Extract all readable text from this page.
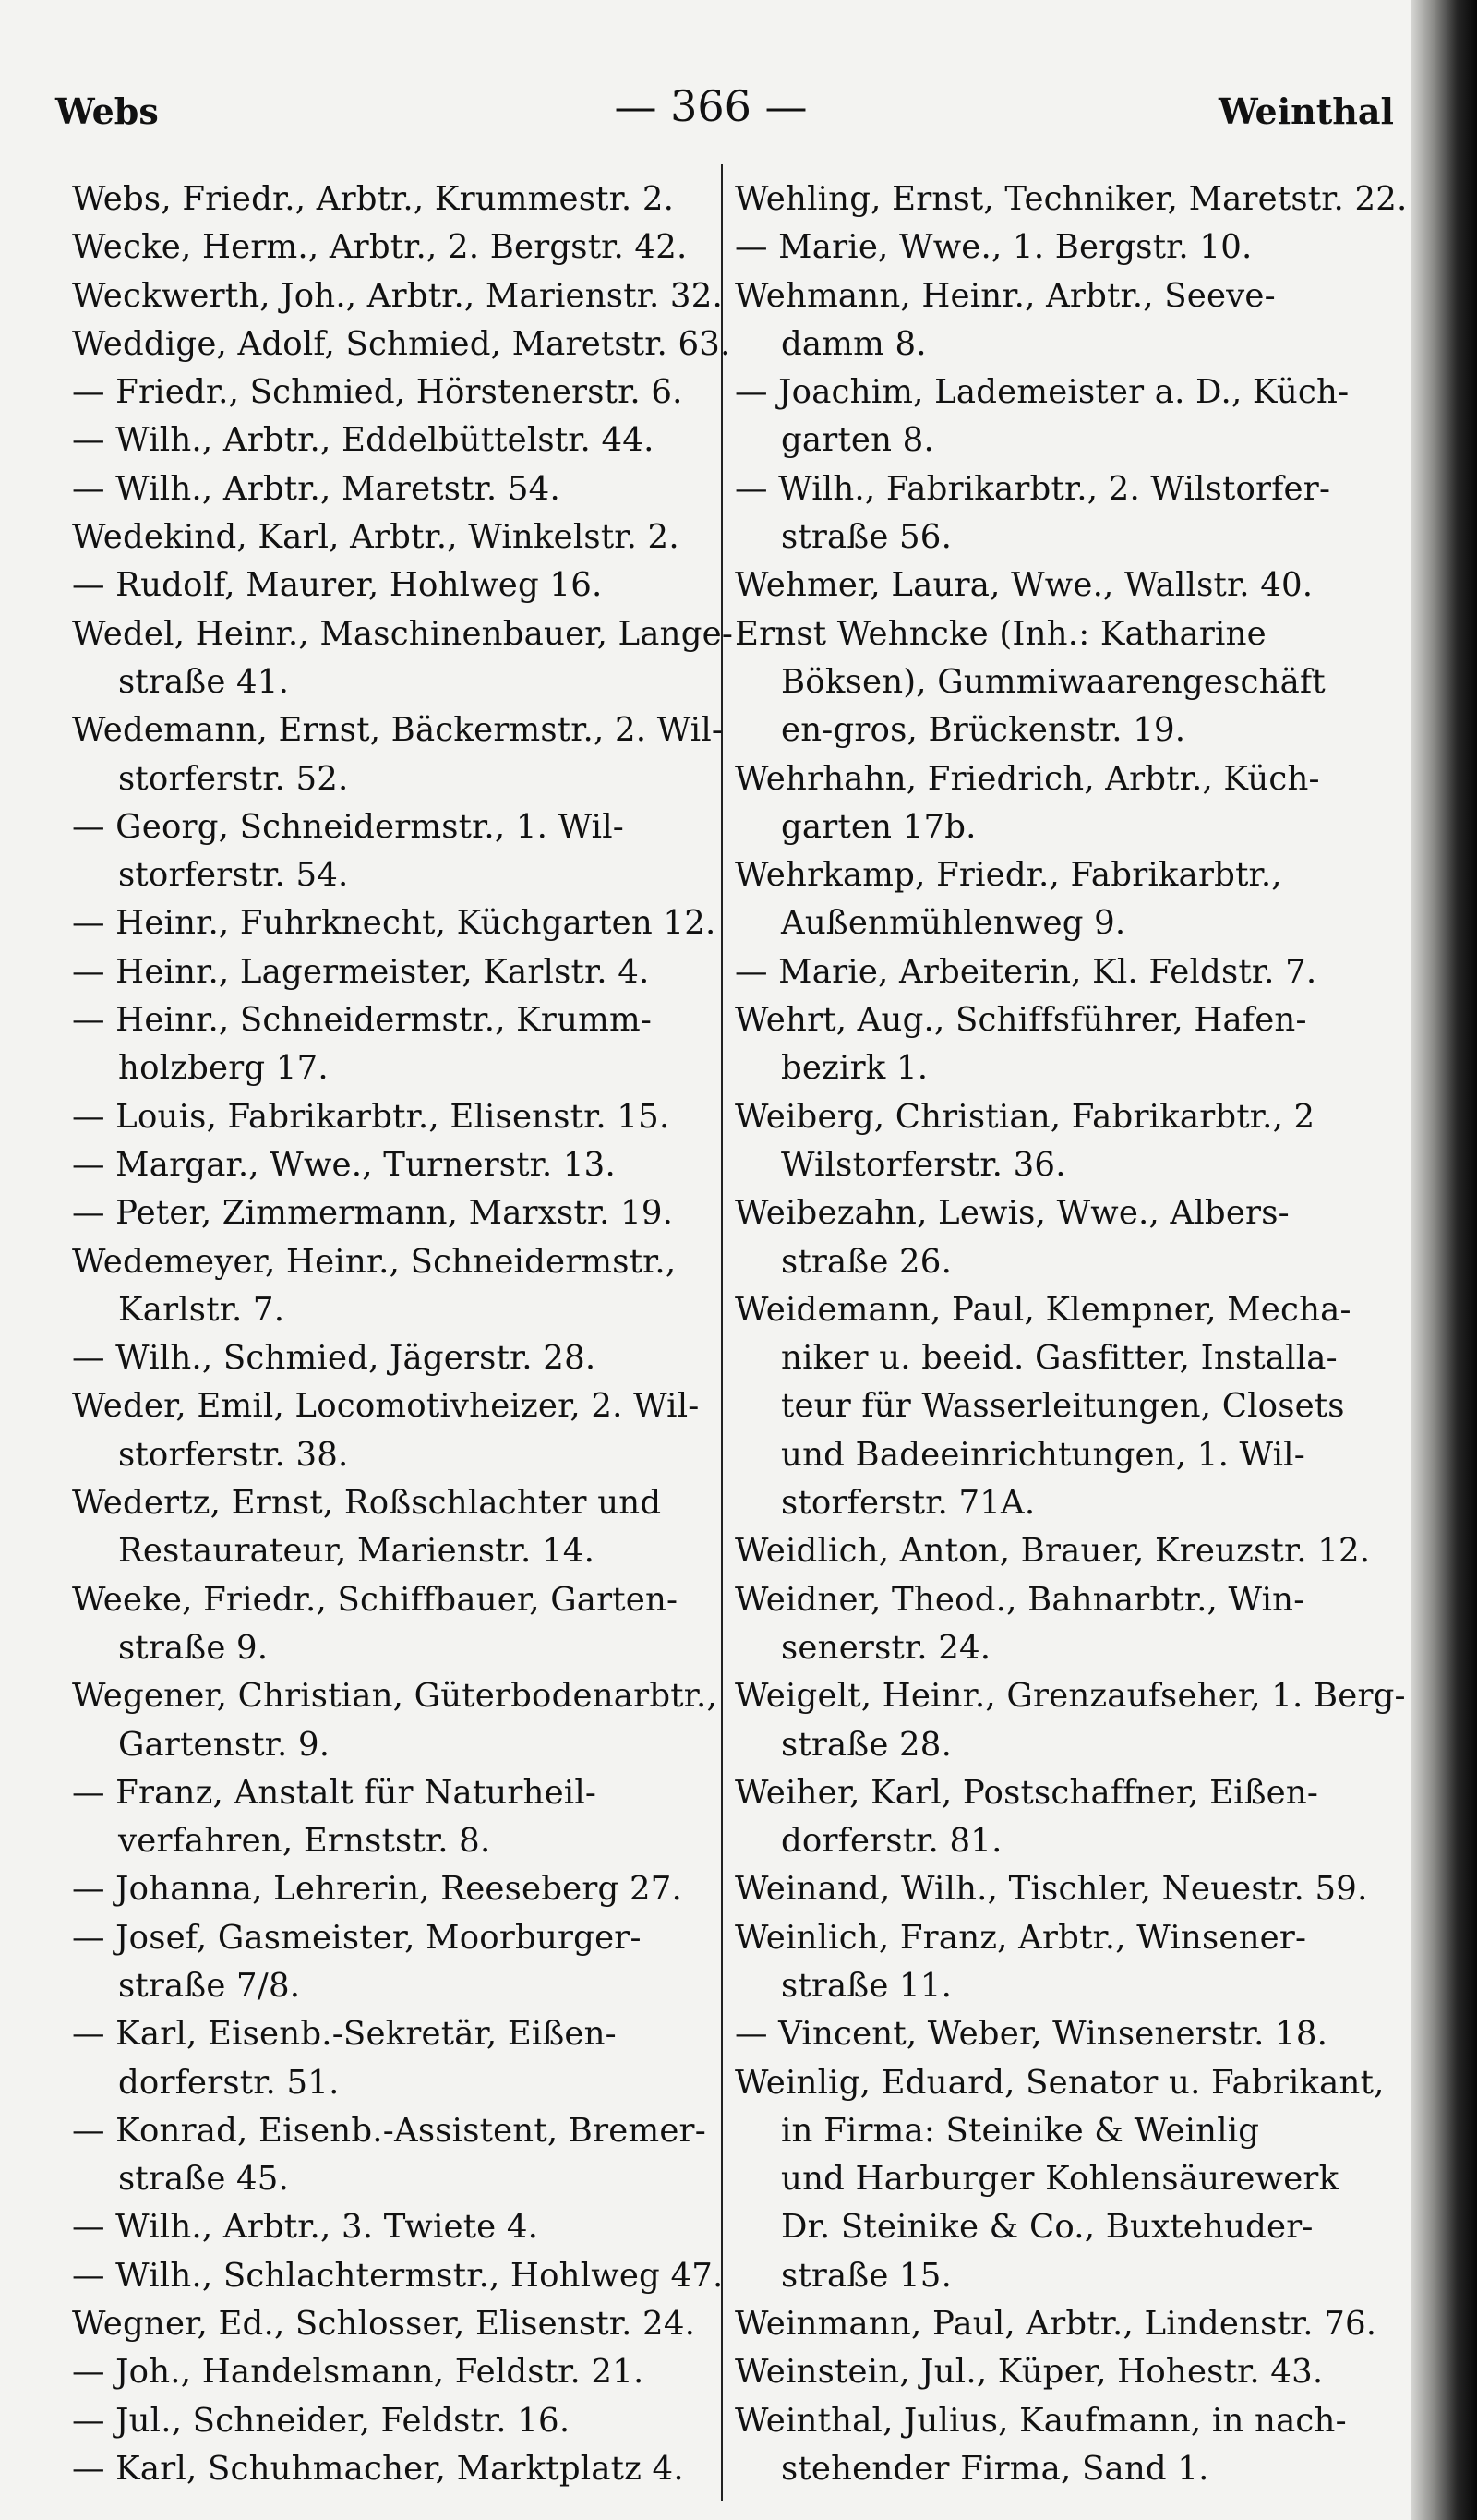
Webs	— 366 —	Weinthal
Webs, Friedr., Arbtr., Krummestr. 2.
Wecke, Herm., Arbtr., 2. Bergstr. 42.
Weckwerth, Joh., Arbtr., Marienstr. 32.
Weddige, Adolf, Schmied, Maretstr. 63.
— Friedr., Schmied, Hörstenerstr. 6.
— Wilh., Arbtr., Eddelbüttelstr. 44.
— Wilh., Arbtr., Maretstr. 54.
Wedekind, Karl, Arbtr., Winkelstr. 2.
— Rudolf, Maurer, Hohlweg 16.
Wedel, Heinr., Maschinenbauer, Lange-
straße 41.
Wedemann, Ernst, Bäckermstr., 2. Wil-
storferstr. 52.
— Georg, Schneidermstr., 1. Wil-
storferstr. 54.
— Heinr., Fuhrknecht, Küchgarten 12.
— Heinr., Lagermeister, Karlstr. 4.
— Heinr., Schneidermstr., Krumm-
holzberg 17.
— Louis, Fabrikarbtr., Elisenstr. 15.
— Margar., Wwe., Turnerstr. 13.
— Peter, Zimmermann, Marxstr. 19.
Wedemeyer, Heinr., Schneidermstr.,
Karlstr. 7.
— Wilh., Schmied, Jägerstr. 28.
Weder, Emil, Locomotivheizer, 2. Wil-
storferstr. 38.
Wedertz, Ernst, Roßschlachter und
Restaurateur, Marienstr. 14.
Weeke, Friedr., Schiffbauer, Garten-
straße 9.
Wegener, Christian, Güterbodenarbtr.,
Gartenstr. 9.
— Franz, Anstalt für Naturheil-
verfahren, Ernststr. 8.
— Johanna, Lehrerin, Reeseberg 27.
— Josef, Gasmeister, Moorburger-
straße 7/8.
— Karl, Eisenb.-Sekretär, Eißen-
dorferstr. 51.
— Konrad, Eisenb.-Assistent, Bremer-
straße 45.
— Wilh., Arbtr., 3. Twiete 4.
— Wilh., Schlachtermstr., Hohlweg 47.
Wegner, Ed., Schlosser, Elisenstr. 24.
— Joh., Handelsmann, Feldstr. 21.
— Jul., Schneider, Feldstr. 16.
— Karl, Schuhmacher, Marktplatz 4.
Wehling, Ernst, Techniker, Maretstr. 22.
— Marie, Wwe., 1. Bergstr. 10.
Wehmann, Heinr., Arbtr., Seeve-
damm 8.
— Joachim, Lademeister a. D., Küch-
garten 8.
— Wilh., Fabrikarbtr., 2. Wilstorfer-
straße 56.
Wehmer, Laura, Wwe., Wallstr. 40.
Ernst Wehncke (Inh.: Katharine
Böksen), Gummiwaarengeschäft
en-gros, Brückenstr. 19.
Wehrhahn, Friedrich, Arbtr., Küch-
garten 17b.
Wehrkamp, Friedr., Fabrikarbtr.,
Außenmühlenweg 9.
— Marie, Arbeiterin, Kl. Feldstr. 7.
Wehrt, Aug., Schiffsführer, Hafen-
bezirk 1.
Weiberg, Christian, Fabrikarbtr., 2
Wilstorferstr. 36.
Weibezahn, Lewis, Wwe., Albers-
straße 26.
Weidemann, Paul, Klempner, Mecha-
niker u. beeid. Gasfitter, Installa-
teur für Wasserleitungen, Closets
und Badeeinrichtungen, 1. Wil-
storferstr. 71A.
Weidlich, Anton, Brauer, Kreuzstr. 12.
Weidner, Theod., Bahnarbtr., Win-
senerstr. 24.
Weigelt, Heinr., Grenzaufseher, 1. Berg-
straße 28.
Weiher, Karl, Postschaffner, Eißen-
dorferstr. 81.
Weinand, Wilh., Tischler, Neuestr. 59.
Weinlich, Franz, Arbtr., Winsener-
straße 11.
— Vincent, Weber, Winsenerstr. 18.
Weinlig, Eduard, Senator u. Fabrikant,
in Firma: Steinike & Weinlig
und Harburger Kohlensäurewerk
Dr. Steinike & Co., Buxtehuder-
straße 15.
Weinmann, Paul, Arbtr., Lindenstr. 76.
Weinstein, Jul., Küper, Hohestr. 43.
Weinthal, Julius, Kaufmann, in nach-
stehender Firma, Sand 1.
